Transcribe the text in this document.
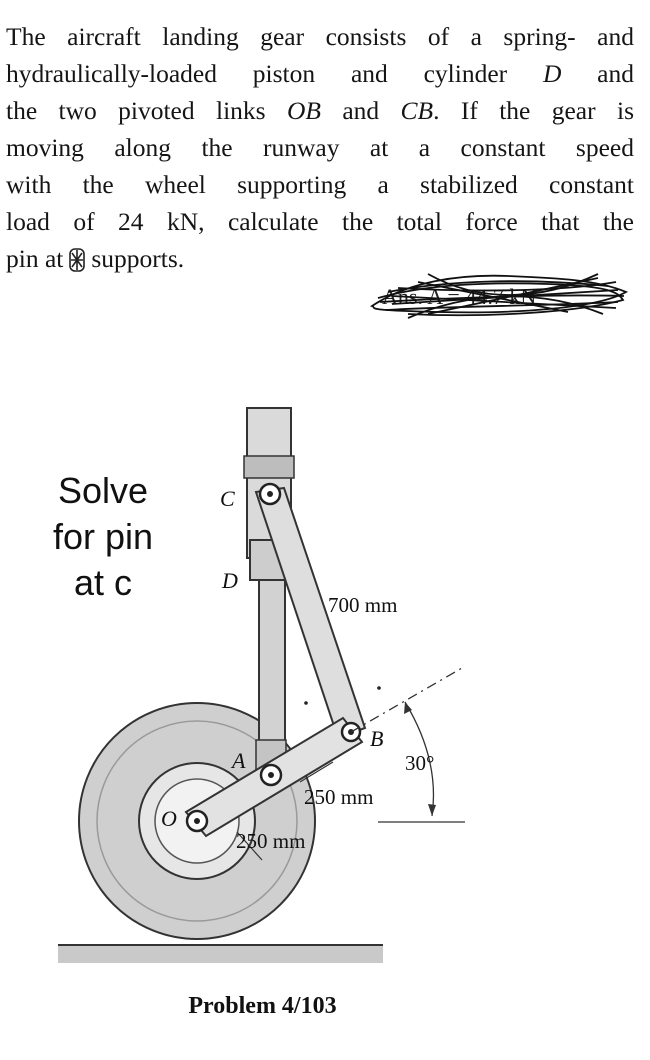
The aircraft landing gear consists of a spring- and
hydraulically-loaded piston and cylinder D and
the two pivoted links OB and CB. If the gear is
moving along the runway at a constant speed
with the wheel supporting a stabilized constant
load of 24 kN, calculate the total force that the
pin at supports.
Ans. A = 44.7 kN
Solve
for pin
at c
C
D
A
B
O
700 mm
250 mm
250 mm
30°
Problem 4/103
